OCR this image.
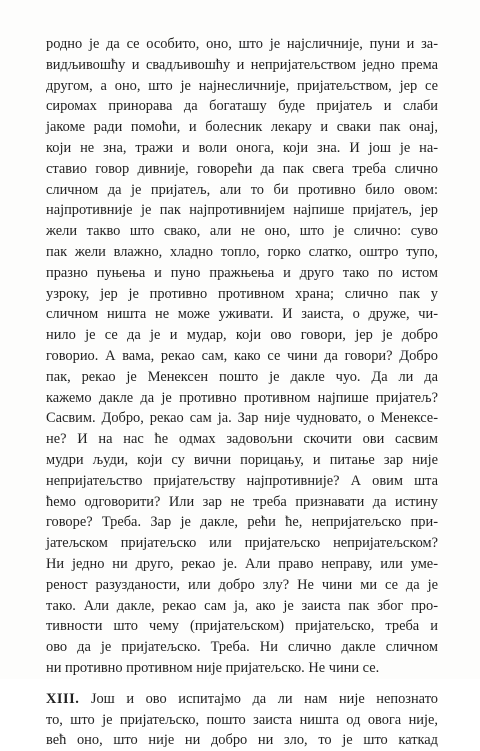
родно је да се особито, оно, што је најсличније, пуни и за-
видљивошћу и свадљивошћу и непријатељством једно према
другом, а оно, што је најнесличније, пријатељством, јер се
сиромах принорава да богаташу буде пријатељ и слаби
јакоме ради помоћи, и болесник лекару и сваки пак онај,
који не зна, тражи и воли онога, који зна. И још је на-
ставио говор дивније, говорећи да пак свега треба слично
сличном да је пријатељ, али то би противно било овом:
најпротивније је пак најпротивнијем најпише пријатељ, јер
жели такво што свако, али не оно, што је слично: суво
пак жели влажно, хладно топло, горко слатко, оштро тупо,
празно пуњења и пуно пражњења и друго тако по истом
узроку, јер је противно противном храна; слично пак у
сличном ништа не може уживати. И заиста, о друже, чи-
нило је се да је и мудар, који ово говори, јер је добро
говорио. А вама, рекао сам, како се чини да говори? Добро
пак, рекао је Менексен пошто је дакле чуо. Да ли да
кажемо дакле да је противно противном најпише пријатељ?
Сасвим. Добро, рекао сам ја. Зар није чудновато, о Менексе-
не? И на нас ће одмах задовољни скочити ови сасвим
мудри људи, који су вични порицању, и питање зар није
непријатељство пријатељству најпротивније? А овим шта
ћемо одговорити? Или зар не треба признавати да истину
говоре? Треба. Зар је дакле, рећи ће, непријатељско при-
јатељском пријатељско или пријатељско непријатељском?
Ни једно ни друго, рекао је. Али право неправу, или уме-
реност разузданости, или добро злу? Не чини ми се да је
тако. Али дакле, рекао сам ја, ако је заиста пак због про-
тивности што чему (пријатељском) пријатељско, треба и
ово да је пријатељско. Треба. Ни слично дакле сличном
ни противно противном није пријатељско. Не чини се.
XIII. Још и ово испитајмо да ли нам није непознато
то, што је пријатељско, пошто заиста ништа од овога није,
већ оно, што није ни добро ни зло, то је што каткад
